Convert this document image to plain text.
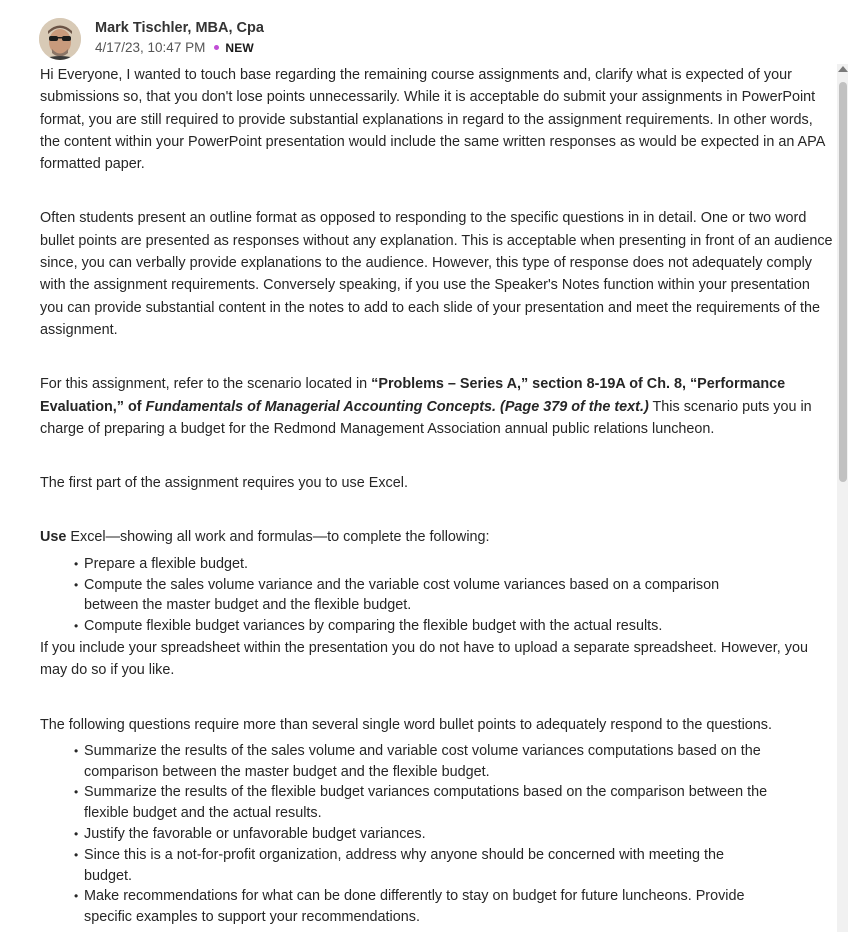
Mark Tischler, MBA, Cpa
4/17/23, 10:47 PM NEW

Hi Everyone, I wanted to touch base regarding the remaining course assignments and, clarify what is expected of your submissions so, that you don't lose points unnecessarily. While it is acceptable do submit your assignments in PowerPoint format, you are still required to provide substantial explanations in regard to the assignment requirements. In other words, the content within your PowerPoint presentation would include the same written responses as would be expected in an APA formatted paper.

Often students present an outline format as opposed to responding to the specific questions in in detail. One or two word bullet points are presented as responses without any explanation. This is acceptable when presenting in front of an audience since, you can verbally provide explanations to the audience. However, this type of response does not adequately comply with the assignment requirements. Conversely speaking, if you use the Speaker's Notes function within your presentation you can provide substantial content in the notes to add to each slide of your presentation and meet the requirements of the assignment.

For this assignment, refer to the scenario located in “Problems – Series A,” section 8-19A of Ch. 8, “Performance Evaluation,” of Fundamentals of Managerial Accounting Concepts. (Page 379 of the text.) This scenario puts you in charge of preparing a budget for the Redmond Management Association annual public relations luncheon.

The first part of the assignment requires you to use Excel.

Use Excel—showing all work and formulas—to complete the following:

• Prepare a flexible budget.
• Compute the sales volume variance and the variable cost volume variances based on a comparison between the master budget and the flexible budget.
• Compute flexible budget variances by comparing the flexible budget with the actual results.

If you include your spreadsheet within the presentation you do not have to upload a separate spreadsheet. However, you may do so if you like.

The following questions require more than several single word bullet points to adequately respond to the questions.

• Summarize the results of the sales volume and variable cost volume variances computations based on the comparison between the master budget and the flexible budget.
• Summarize the results of the flexible budget variances computations based on the comparison between the flexible budget and the actual results.
• Justify the favorable or unfavorable budget variances.
• Since this is a not-for-profit organization, address why anyone should be concerned with meeting the budget.
• Make recommendations for what can be done differently to stay on budget for future luncheons. Provide specific examples to support your recommendations.
